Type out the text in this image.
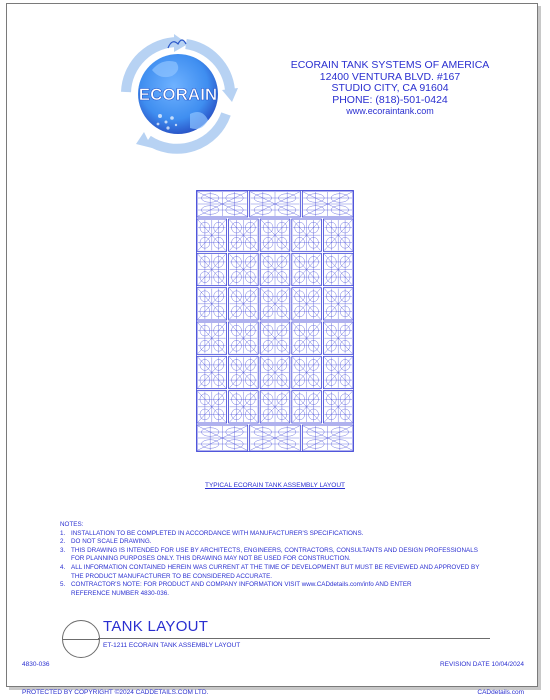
ECORAIN
ECORAIN TANK SYSTEMS OF AMERICA
12400 VENTURA BLVD. #167
STUDIO CITY, CA 91604
PHONE: (818)-501-0424
www.ecoraintank.com
TYPICAL ECORAIN TANK ASSEMBLY LAYOUT
NOTES:
1. INSTALLATION TO BE COMPLETED IN ACCORDANCE WITH MANUFACTURER'S SPECIFICATIONS.
2. DO NOT SCALE DRAWING.
3. THIS DRAWING IS INTENDED FOR USE BY ARCHITECTS, ENGINEERS, CONTRACTORS, CONSULTANTS AND DESIGN PROFESSIONALS
FOR PLANNING PURPOSES ONLY. THIS DRAWING MAY NOT BE USED FOR CONSTRUCTION.
4. ALL INFORMATION CONTAINED HEREIN WAS CURRENT AT THE TIME OF DEVELOPMENT BUT MUST BE REVIEWED AND APPROVED BY
THE PRODUCT MANUFACTURER TO BE CONSIDERED ACCURATE.
5. CONTRACTOR'S NOTE: FOR PRODUCT AND COMPANY INFORMATION VISIT www.CADdetails.com/info AND ENTER
REFERENCE NUMBER 4830-036.
TANK LAYOUT
ET-1211 ECORAIN TANK ASSEMBLY LAYOUT
4830-036	REVISION DATE 10/04/2024
PROTECTED BY COPYRIGHT ©2024 CADDETAILS.COM LTD.	CADdetails.com
